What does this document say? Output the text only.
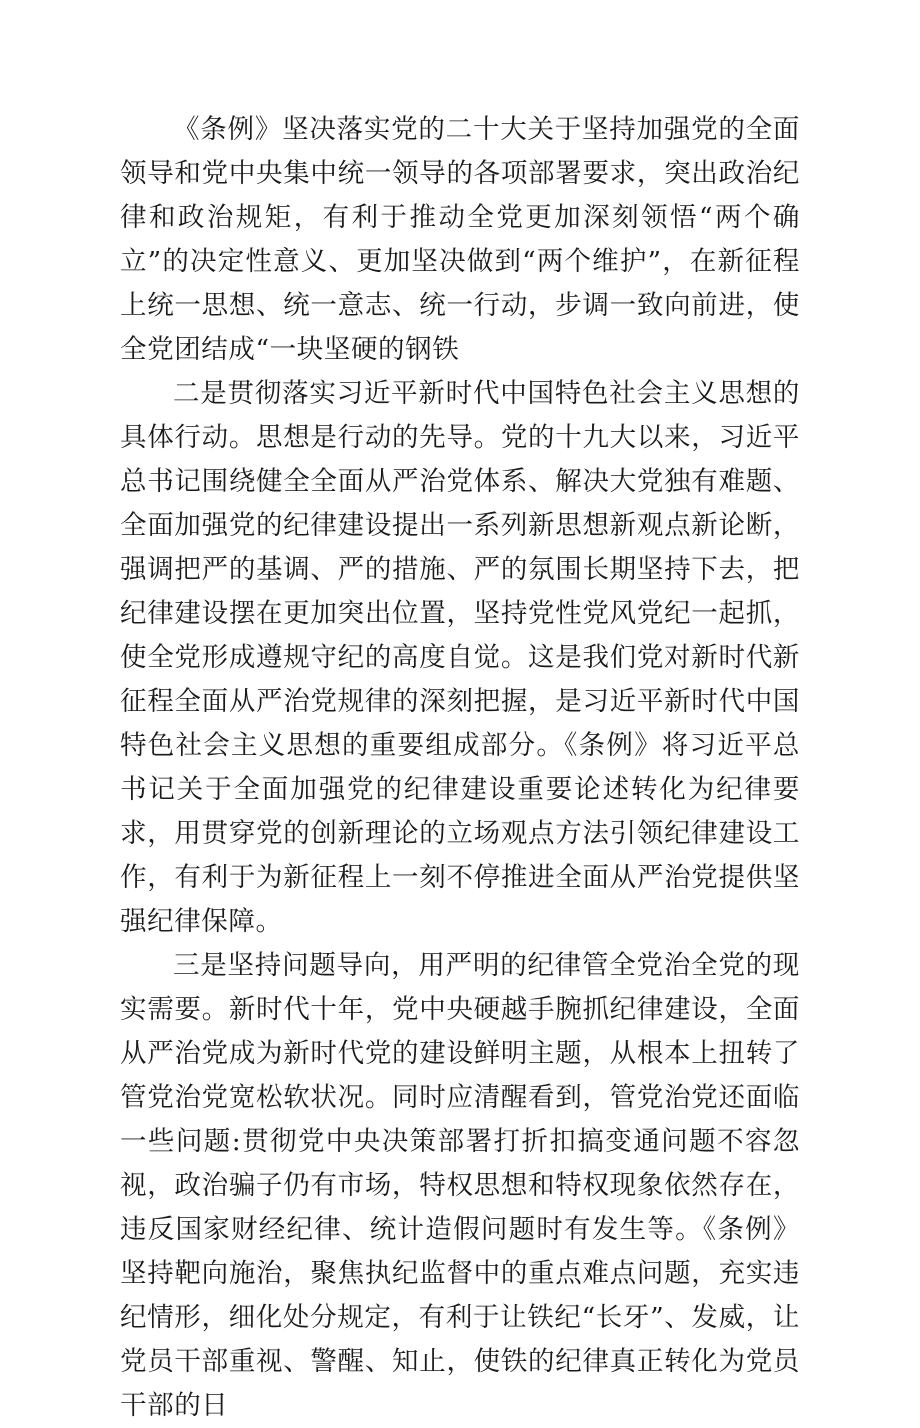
《条例》坚决落实党的二十大关于坚持加强党的全面领导和党中央集中统一领导的各项部署要求，突出政治纪律和政治规矩，有利于推动全党更加深刻领悟“两个确立”的决定性意义、更加坚决做到“两个维护”，在新征程上统一思想、统一意志、统一行动，步调一致向前进，使全党团结成“一块坚硬的钢铁

二是贯彻落实习近平新时代中国特色社会主义思想的具体行动。思想是行动的先导。党的十九大以来，习近平总书记围绕健全全面从严治党体系、解决大党独有难题、全面加强党的纪律建设提出一系列新思想新观点新论断，强调把严的基调、严的措施、严的氛围长期坚持下去，把纪律建设摆在更加突出位置，坚持党性党风党纪一起抓，使全党形成遵规守纪的高度自觉。这是我们党对新时代新征程全面从严治党规律的深刻把握，是习近平新时代中国特色社会主义思想的重要组成部分。《条例》将习近平总书记关于全面加强党的纪律建设重要论述转化为纪律要求，用贯穿党的创新理论的立场观点方法引领纪律建设工作，有利于为新征程上一刻不停推进全面从严治党提供坚强纪律保障。

三是坚持问题导向，用严明的纪律管全党治全党的现实需要。新时代十年，党中央硬越手腕抓纪律建设，全面从严治党成为新时代党的建设鲜明主题，从根本上扭转了管党治党宽松软状况。同时应清醒看到，管党治党还面临一些问题:贯彻党中央决策部署打折扣搞变通问题不容忽视，政治骗子仍有市场，特权思想和特权现象依然存在，违反国家财经纪律、统计造假问题时有发生等。《条例》坚持靶向施治，聚焦执纪监督中的重点难点问题，充实违纪情形，细化处分规定，有利于让铁纪“长牙”、发威，让党员干部重视、警醒、知止，使铁的纪律真正转化为党员干部的日
